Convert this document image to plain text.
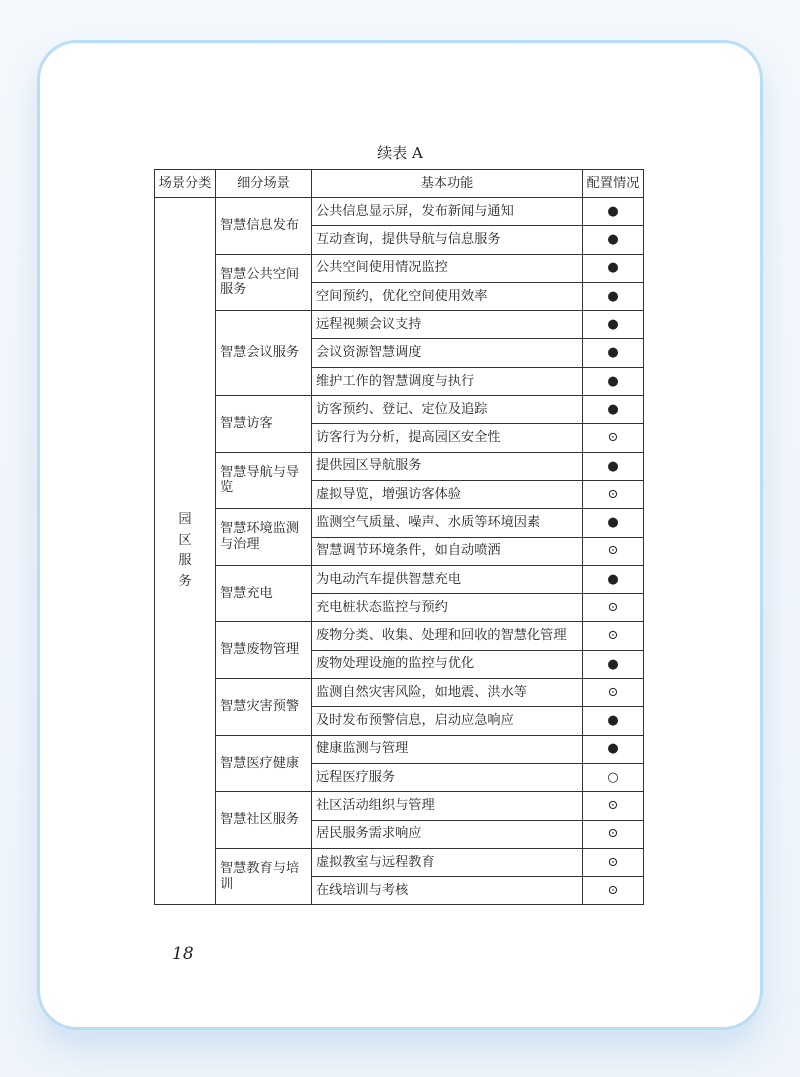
续表 A
场景分类	细分场景	基本功能	配置情况

园区服务	智慧信息发布	公共信息显示屏，发布新闻与通知	●
		互动查询，提供导航与信息服务	●
	智慧公共空间服务	公共空间使用情况监控	●
		空间预约，优化空间使用效率	●
	智慧会议服务	远程视频会议支持	●
		会议资源智慧调度	●
		维护工作的智慧调度与执行	●
	智慧访客	访客预约、登记、定位及追踪	●
		访客行为分析，提高园区安全性	⊙
	智慧导航与导览	提供园区导航服务	●
		虚拟导览，增强访客体验	⊙
	智慧环境监测与治理	监测空气质量、噪声、水质等环境因素	●
		智慧调节环境条件，如自动喷洒	⊙
	智慧充电	为电动汽车提供智慧充电	●
		充电桩状态监控与预约	⊙
	智慧废物管理	废物分类、收集、处理和回收的智慧化管理	⊙
		废物处理设施的监控与优化	●
	智慧灾害预警	监测自然灾害风险，如地震、洪水等	⊙
		及时发布预警信息，启动应急响应	●
	智慧医疗健康	健康监测与管理	●
		远程医疗服务	○
	智慧社区服务	社区活动组织与管理	⊙
		居民服务需求响应	⊙
	智慧教育与培训	虚拟教室与远程教育	⊙
		在线培训与考核	⊙
18
